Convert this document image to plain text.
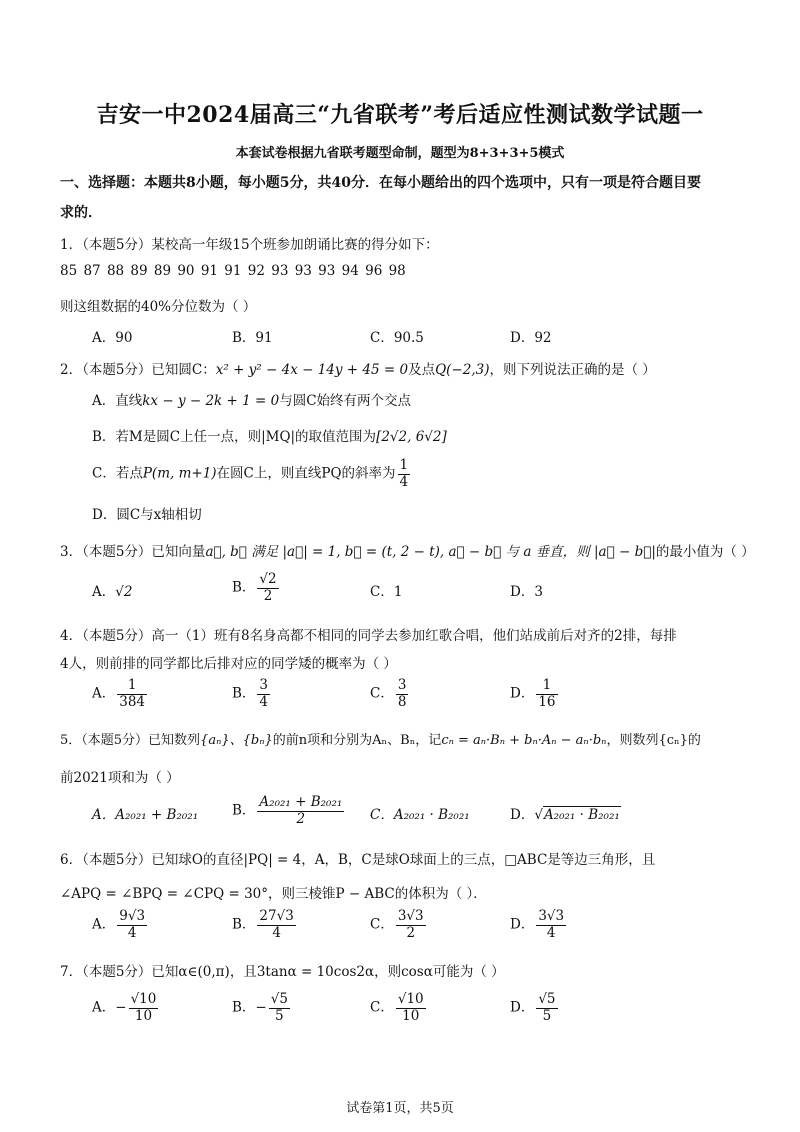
吉安一中2024届高三“九省联考”考后适应性测试数学试题一
本套试卷根据九省联考题型命制，题型为8+3+3+5模式
一、选择题：本题共8小题，每小题5分，共40分．在每小题给出的四个选项中，只有一项是符合题目要
求的．
1．（本题5分）某校高一年级15个班参加朗诵比赛的得分如下：
85 87 88 89 89 90 91 91 92 93 93 93 94 96 98
则这组数据的40%分位数为（ ）
A．90	B．91	C．90.5	D．92
2．（本题5分）已知圆C：x² + y² − 4x − 14y + 45 = 0及点Q(−2,3)，则下列说法正确的是（ ）
A．直线kx − y − 2k + 1 = 0与圆C始终有两个交点
B．若M是圆C上任一点，则|MQ|的取值范围为[2√2, 6√2]
C．若点P(m, m+1)在圆C上，则直线PQ的斜率为 $\frac{1}{4}$
D．圆C与x轴相切
3．（本题5分）已知向量a⃗, b⃗ 满足 |a⃗| = 1, b⃗ = (t, 2 − t), a⃗ − b⃗ 与 a 垂直，则 |a⃗ − b⃗|的最小值为（ ）
A．√2	B． $\frac{√2}{2}$	C．1	D．3
4．（本题5分）高一（1）班有8名身高都不相同的同学去参加红歌合唱，他们站成前后对齐的2排，每排
4人，则前排的同学都比后排对应的同学矮的概率为（ ）
A． $\frac{1}{384}$	B． $\frac{3}{4}$	C． $\frac{3}{8}$	D． $\frac{1}{16}$
5．（本题5分）已知数列{aₙ}、{bₙ}的前n项和分别为Aₙ、Bₙ，记cₙ = aₙ·Bₙ + bₙ·Aₙ − aₙ·bₙ，则数列{cₙ}的
前2021项和为（ ）
A．A₂₀₂₁ + B₂₀₂₁	B． $\frac{\text{A₂₀₂₁ + B₂₀₂₁}}{2}$ C．A₂₀₂₁ · B₂₀₂₁	D．√A₂₀₂₁ · B₂₀₂₁
6．（本题5分）已知球O的直径|PQ| = 4，A，B，C是球O球面上的三点，□ABC是等边三角形，且
∠APQ = ∠BPQ = ∠CPQ = 30°，则三棱锥P − ABC的体积为（ ）．
A． $\frac{9√3}{4}$	B． $\frac{27√3}{4}$	C． $\frac{3√3}{2}$	D． $\frac{3√3}{4}$
7．（本题5分）已知α∈(0,π)，且3tanα = 10cos2α，则cosα可能为（ ）
A．− $\frac{√10}{10}$	B．− $\frac{√5}{5}$	C． $\frac{√10}{10}$	D． $\frac{√5}{5}$
试卷第1页，共5页
